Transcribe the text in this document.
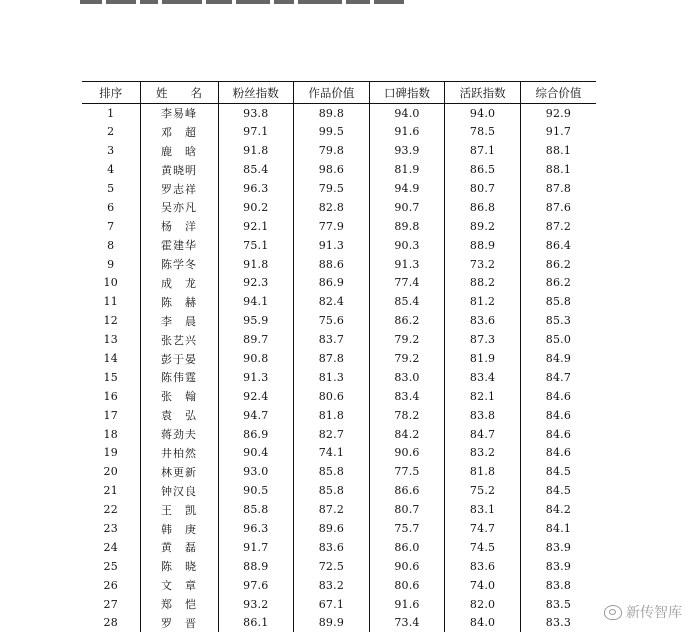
排序	姓　　名	粉丝指数	作品价值	口碑指数	活跃指数	综合价值
1	李易峰	93.8	89.8	94.0	94.0	92.9
2	邓　超	97.1	99.5	91.6	78.5	91.7
3	鹿　晗	91.8	79.8	93.9	87.1	88.1
4	黄晓明	85.4	98.6	81.9	86.5	88.1
5	罗志祥	96.3	79.5	94.9	80.7	87.8
6	吴亦凡	90.2	82.8	90.7	86.8	87.6
7	杨　洋	92.1	77.9	89.8	89.2	87.2
8	霍建华	75.1	91.3	90.3	88.9	86.4
9	陈学冬	91.8	88.6	91.3	73.2	86.2
10	成　龙	92.3	86.9	77.4	88.2	86.2
11	陈　赫	94.1	82.4	85.4	81.2	85.8
12	李　晨	95.9	75.6	86.2	83.6	85.3
13	张艺兴	89.7	83.7	79.2	87.3	85.0
14	彭于晏	90.8	87.8	79.2	81.9	84.9
15	陈伟霆	91.3	81.3	83.0	83.4	84.7
16	张　翰	92.4	80.6	83.4	82.1	84.6
17	袁　弘	94.7	81.8	78.2	83.8	84.6
18	蒋劲夫	86.9	82.7	84.2	84.7	84.6
19	井柏然	90.4	74.1	90.6	83.2	84.6
20	林更新	93.0	85.8	77.5	81.8	84.5
21	钟汉良	90.5	85.8	86.6	75.2	84.5
22	王　凯	85.8	87.2	80.7	83.1	84.2
23	韩　庚	96.3	89.6	75.7	74.7	84.1
24	黄　磊	91.7	83.6	86.0	74.5	83.9
25	陈　晓	88.9	72.5	90.6	83.6	83.9
26	文　章	97.6	83.2	80.6	74.0	83.8
27	郑　恺	93.2	67.1	91.6	82.0	83.5
28	罗　晋	86.1	89.9	73.4	84.0	83.3
新传智库
